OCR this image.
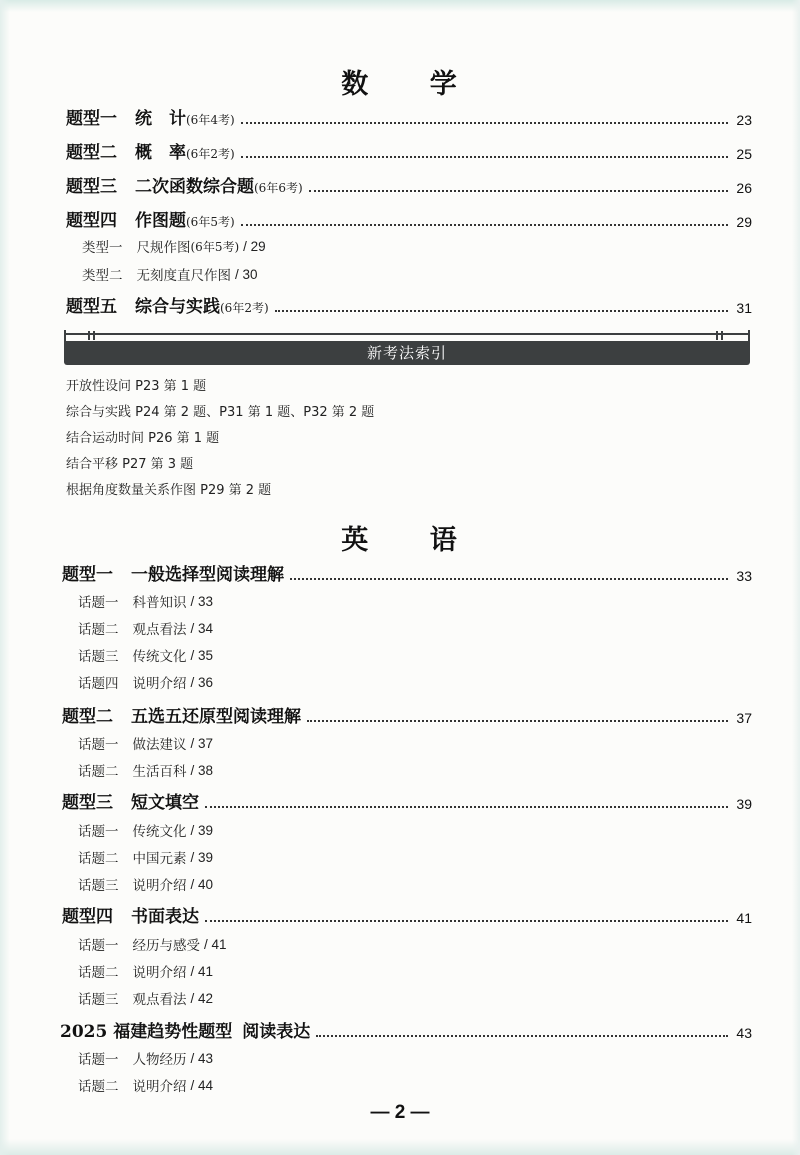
数 学
题型一 统　计 (6年4考)	23
题型二 概　率 (6年2考)	25
题型三 二次函数综合题 (6年6考)	26
题型四 作图题 (6年5考)	29
类型一 尺规作图 (6年5考) / 29
类型二 无刻度直尺作图 / 30
题型五 综合与实践 (6年2考)	31
新考法索引
开放性设问 P23 第 1 题
综合与实践 P24 第 2 题、P31 第 1 题、P32 第 2 题
结合运动时间 P26 第 1 题
结合平移 P27 第 3 题
根据角度数量关系作图 P29 第 2 题
英 语
题型一 一般选择型阅读理解	33
话题一 科普知识 / 33
话题二 观点看法 / 34
话题三 传统文化 / 35
话题四 说明介绍 / 36
题型二 五选五还原型阅读理解	37
话题一 做法建议 / 37
话题二 生活百科 / 38
题型三 短文填空	39
话题一 传统文化 / 39
话题二 中国元素 / 39
话题三 说明介绍 / 40
题型四 书面表达	41
话题一 经历与感受 / 41
话题二 说明介绍 / 41
话题三 观点看法 / 42
2025 福建趋势性题型 阅读表达	43
话题一 人物经历 / 43
话题二 说明介绍 / 44
— 2 —
